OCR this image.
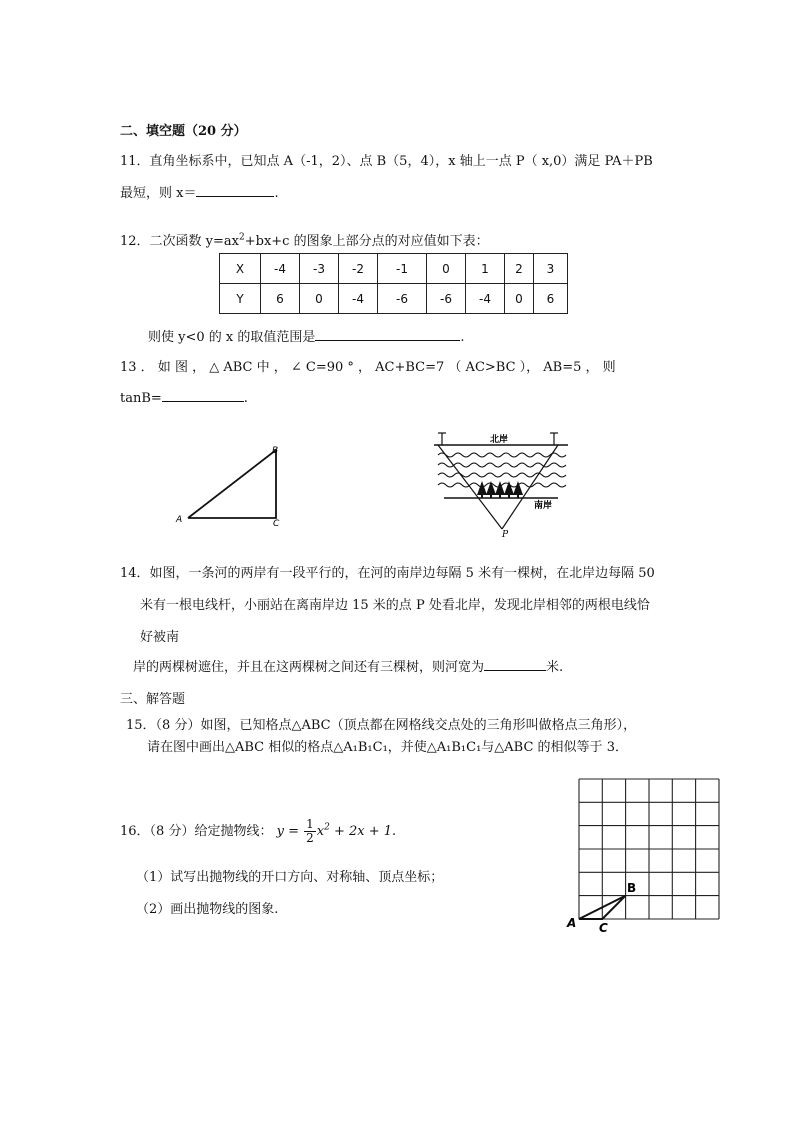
二、填空题（20 分）
11．直角坐标系中，已知点 A（-1，2）、点 B（5，4），x 轴上一点 P（ x,0）满足 PA＋PB
最短，则 x＝	.
12．二次函数 $y=ax^2+bx+c$ 的图象上部分点的对应值如下表：
X	-4	-3	-2	-1	0	1	2	3
Y	6	0	-4	-6	-6	-4	0	6
则使 y<0 的 x 的取值范围是	.
13 ． 如 图 ， △ ABC 中 ， ∠ C=90 ° ， AC+BC=7 （ AC>BC ）， AB=5 ， 则
tanB=	.
A
B
C
北岸
南岸
P
14．如图，一条河的两岸有一段平行的，在河的南岸边每隔 5 米有一棵树，在北岸边每隔 50
米有一根电线杆，小丽站在离南岸边 15 米的点 P 处看北岸，发现北岸相邻的两根电线恰
好被南
岸的两棵树遮住，并且在这两棵树之间还有三棵树，则河宽为	米.
三、解答题
15．（8 分）如图，已知格点△ABC（顶点都在网格线交点处的三角形叫做格点三角形），
请在图中画出△ABC 相似的格点△A₁B₁C₁，并使△A₁B₁C₁与△ABC 的相似等于 3．
A
B
C
16．（8 分）给定抛物线： $y = \frac{1}{2} x^2 + 2x + 1$.
（1）试写出抛物线的开口方向、对称轴、顶点坐标；
（2）画出抛物线的图象.
